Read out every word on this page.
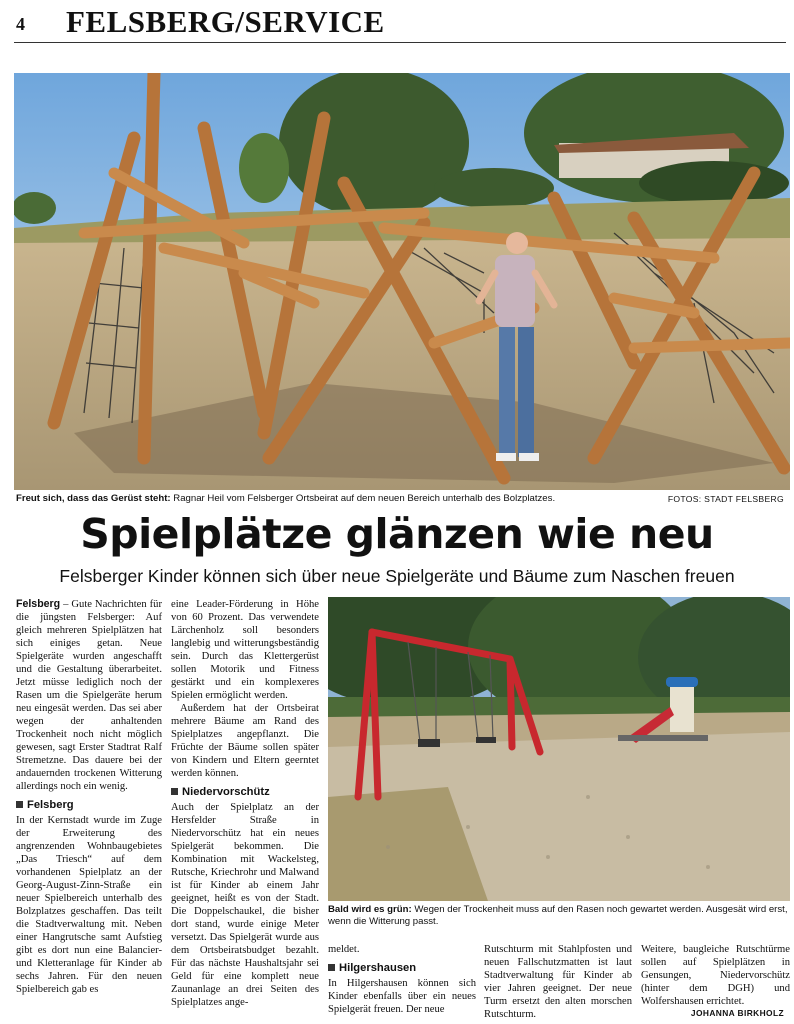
4 FELSBERG/SERVICE
Freut sich, dass das Gerüst steht: Ragnar Heil vom Felsberger Ortsbeirat auf dem neuen Bereich unterhalb des Bolzplatzes.	FOTOS: STADT FELSBERG
Spielplätze glänzen wie neu
Felsberger Kinder können sich über neue Spielgeräte und Bäume zum Naschen freuen

Felsberg – Gute Nachrichten für die jüngsten Felsberger: Auf gleich mehreren Spielplätzen hat sich einiges getan. Neue Spielgeräte wurden angeschafft und die Gestaltung überarbeitet. Jetzt müsse lediglich noch der Rasen um die Spielgeräte herum neu eingesät werden. Das sei aber wegen der anhaltenden Trockenheit noch nicht möglich gewesen, sagt Erster Stadtrat Ralf Stremetzne. Das dauere bei der andauernden trockenen Witterung allerdings noch ein wenig.

Felsberg

In der Kernstadt wurde im Zuge der Erweiterung des angrenzenden Wohnbaugebietes „Das Triesch“ auf dem vorhandenen Spielplatz an der Georg-August-Zinn-Straße ein neuer Spielbereich unterhalb des Bolzplatzes geschaffen. Das teilt die Stadtverwaltung mit. Neben einer Hangrutsche samt Aufstieg gibt es dort nun eine Balancier- und Kletteranlage für Kinder ab sechs Jahren. Für den neuen Spielbereich gab es

eine Leader-Förderung in Höhe von 60 Prozent. Das verwendete Lärchenholz soll besonders langlebig und witterungsbeständig sein. Durch das Klettergerüst sollen Motorik und Fitness gestärkt und ein komplexeres Spielen ermöglicht werden.

Außerdem hat der Ortsbeirat mehrere Bäume am Rand des Spielplatzes angepflanzt. Die Früchte der Bäume sollen später von Kindern und Eltern geerntet werden können.

Niedervorschütz

Auch der Spielplatz an der Hersfelder Straße in Niedervorschütz hat ein neues Spielgerät bekommen. Die Kombination mit Wackelsteg, Rutsche, Kriechrohr und Malwand ist für Kinder ab einem Jahr geeignet, heißt es von der Stadt. Die Doppelschaukel, die bisher dort stand, wurde einige Meter versetzt. Das Spielgerät wurde aus dem Ortsbeiratsbudget bezahlt. Für das nächste Haushaltsjahr sei Geld für eine komplett neue Zaunanlage an drei Seiten des Spielplatzes ange-

Bald wird es grün: Wegen der Trockenheit muss auf den Rasen noch gewartet werden. Ausgesät wird erst, wenn die Witterung passt.

meldet.

Hilgershausen

In Hilgershausen können sich Kinder ebenfalls über ein neues Spielgerät freuen. Der neue

Rutschturm mit Stahlpfosten und neuen Fallschutzmatten ist laut Stadtverwaltung für Kinder ab vier Jahren geeignet. Der neue Turm ersetzt den alten morschen Rutschturm.

Weitere, baugleiche Rutschtürme sollen auf Spielplätzen in Gensungen, Niedervorschütz (hinter dem DGH) und Wolfershausen errichtet.

JOHANNA BIRKHOLZ
